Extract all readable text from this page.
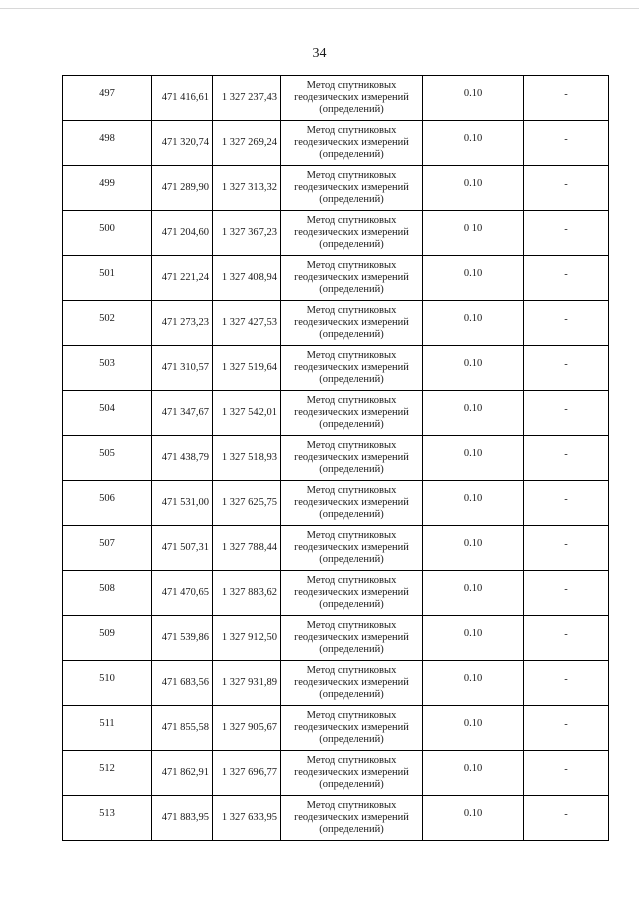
34
497	471 416,61	1 327 237,43	Метод спутниковых
геодезических измерений
(определений)	0.10	-
498	471 320,74	1 327 269,24	Метод спутниковых
геодезических измерений
(определений)	0.10	-
499	471 289,90	1 327 313,32	Метод спутниковых
геодезических измерений
(определений)	0.10	-
500	471 204,60	1 327 367,23	Метод спутниковых
геодезических измерений
(определений)	0 10	-
501	471 221,24	1 327 408,94	Метод спутниковых
геодезических измерений
(определений)	0.10	-
502	471 273,23	1 327 427,53	Метод спутниковых
геодезических измерений
(определений)	0.10	-
503	471 310,57	1 327 519,64	Метод спутниковых
геодезических измерений
(определений)	0.10	-
504	471 347,67	1 327 542,01	Метод спутниковых
геодезических измерений
(определений)	0.10	-
505	471 438,79	1 327 518,93	Метод спутниковых
геодезических измерений
(определений)	0.10	-
506	471 531,00	1 327 625,75	Метод спутниковых
геодезических измерений
(определений)	0.10	-
507	471 507,31	1 327 788,44	Метод спутниковых
геодезических измерений
(определений)	0.10	-
508	471 470,65	1 327 883,62	Метод спутниковых
геодезических измерений
(определений)	0.10	-
509	471 539,86	1 327 912,50	Метод спутниковых
геодезических измерений
(определений)	0.10	-
510	471 683,56	1 327 931,89	Метод спутниковых
геодезических измерений
(определений)	0.10	-
511	471 855,58	1 327 905,67	Метод спутниковых
геодезических измерений
(определений)	0.10	-
512	471 862,91	1 327 696,77	Метод спутниковых
геодезических измерений
(определений)	0.10	-
513	471 883,95	1 327 633,95	Метод спутниковых
геодезических измерений
(определений)	0.10	-
